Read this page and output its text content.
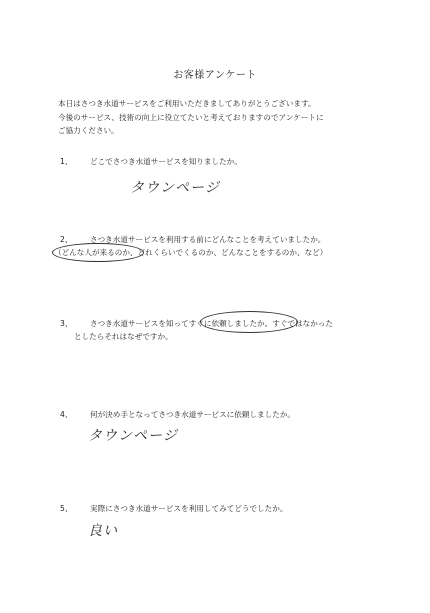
お客様アンケート
本日はさつき水道サービスをご利用いただきましてありがとうございます。
今後のサービス、技術の向上に役立てたいと考えておりますのでアンケートに
ご協力ください。
1、 どこでさつき水道サービスを知りましたか。
タウンページ
2、 さつき水道サービスを利用する前にどんなことを考えていましたか。
（どんな人が来るのか、どれくらいでくるのか、どんなことをするのか、など）
3、 さつき水道サービスを知ってすぐに依頼しましたか。すぐではなかった
としたらそれはなぜですか。
4、 何が決め手となってさつき水道サービスに依頼しましたか。
タウンページ
5、 実際にさつき水道サービスを利用してみてどうでしたか。
良い
